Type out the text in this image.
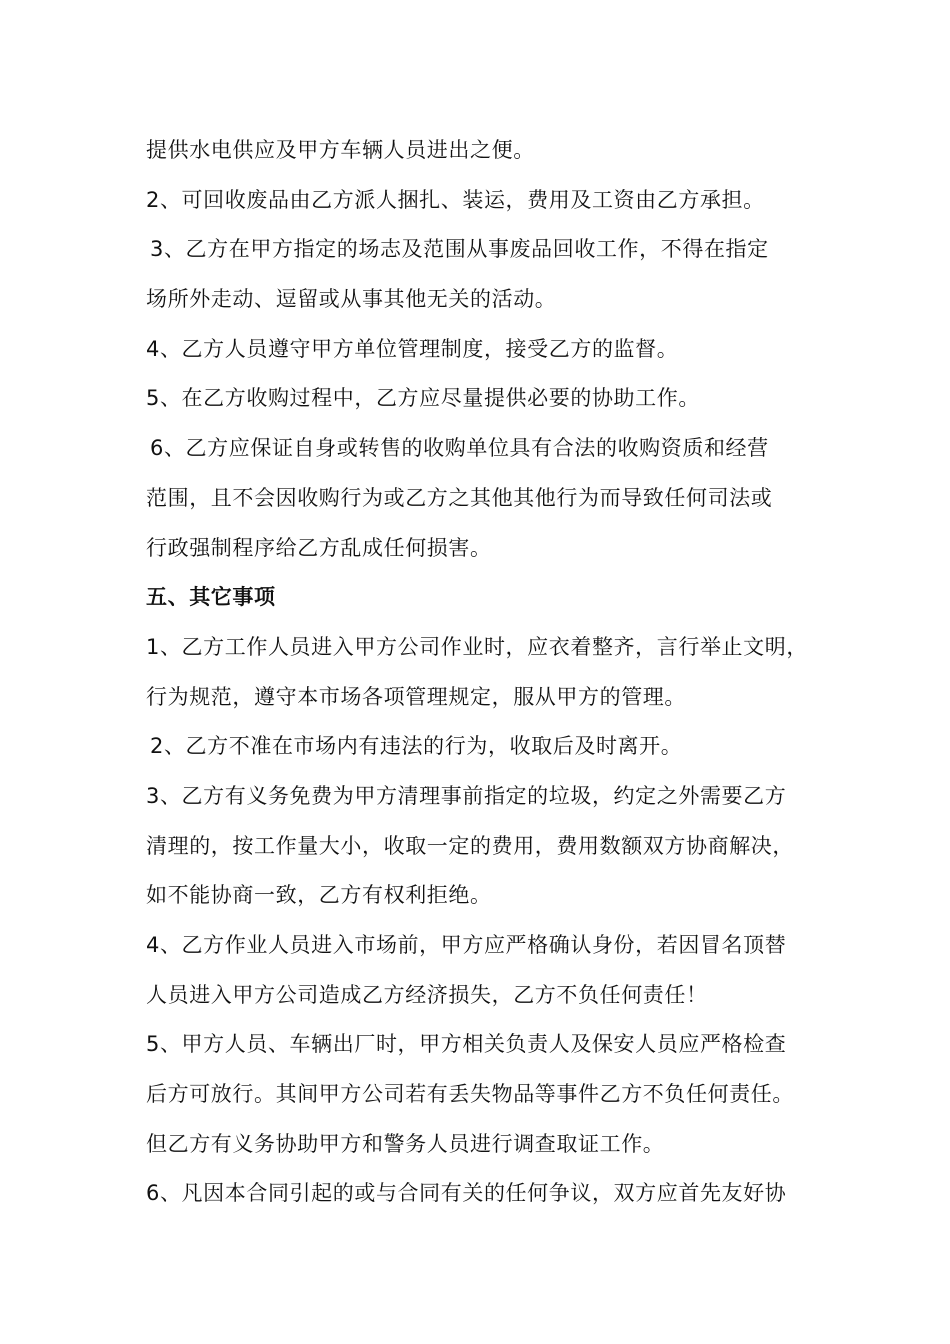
提供水电供应及甲方车辆人员进出之便。
2、可回收废品由乙方派人捆扎、装运，费用及工资由乙方承担。
3、乙方在甲方指定的场志及范围从事废品回收工作，不得在指定
场所外走动、逗留或从事其他无关的活动。
4、乙方人员遵守甲方单位管理制度，接受乙方的监督。
5、在乙方收购过程中，乙方应尽量提供必要的协助工作。
6、乙方应保证自身或转售的收购单位具有合法的收购资质和经营
范围，且不会因收购行为或乙方之其他其他行为而导致任何司法或
行政强制程序给乙方乱成任何损害。
五、其它事项
1、乙方工作人员进入甲方公司作业时，应衣着整齐，言行举止文明，
行为规范，遵守本市场各项管理规定，服从甲方的管理。
2、乙方不准在市场内有违法的行为，收取后及时离开。
3、乙方有义务免费为甲方清理事前指定的垃圾，约定之外需要乙方
清理的，按工作量大小，收取一定的费用，费用数额双方协商解决，
如不能协商一致，乙方有权利拒绝。
4、乙方作业人员进入市场前，甲方应严格确认身份，若因冒名顶替
人员进入甲方公司造成乙方经济损失，乙方不负任何责任！
5、甲方人员、车辆出厂时，甲方相关负责人及保安人员应严格检查
后方可放行。其间甲方公司若有丢失物品等事件乙方不负任何责任。
但乙方有义务协助甲方和警务人员进行调查取证工作。
6、凡因本合同引起的或与合同有关的任何争议，双方应首先友好协
